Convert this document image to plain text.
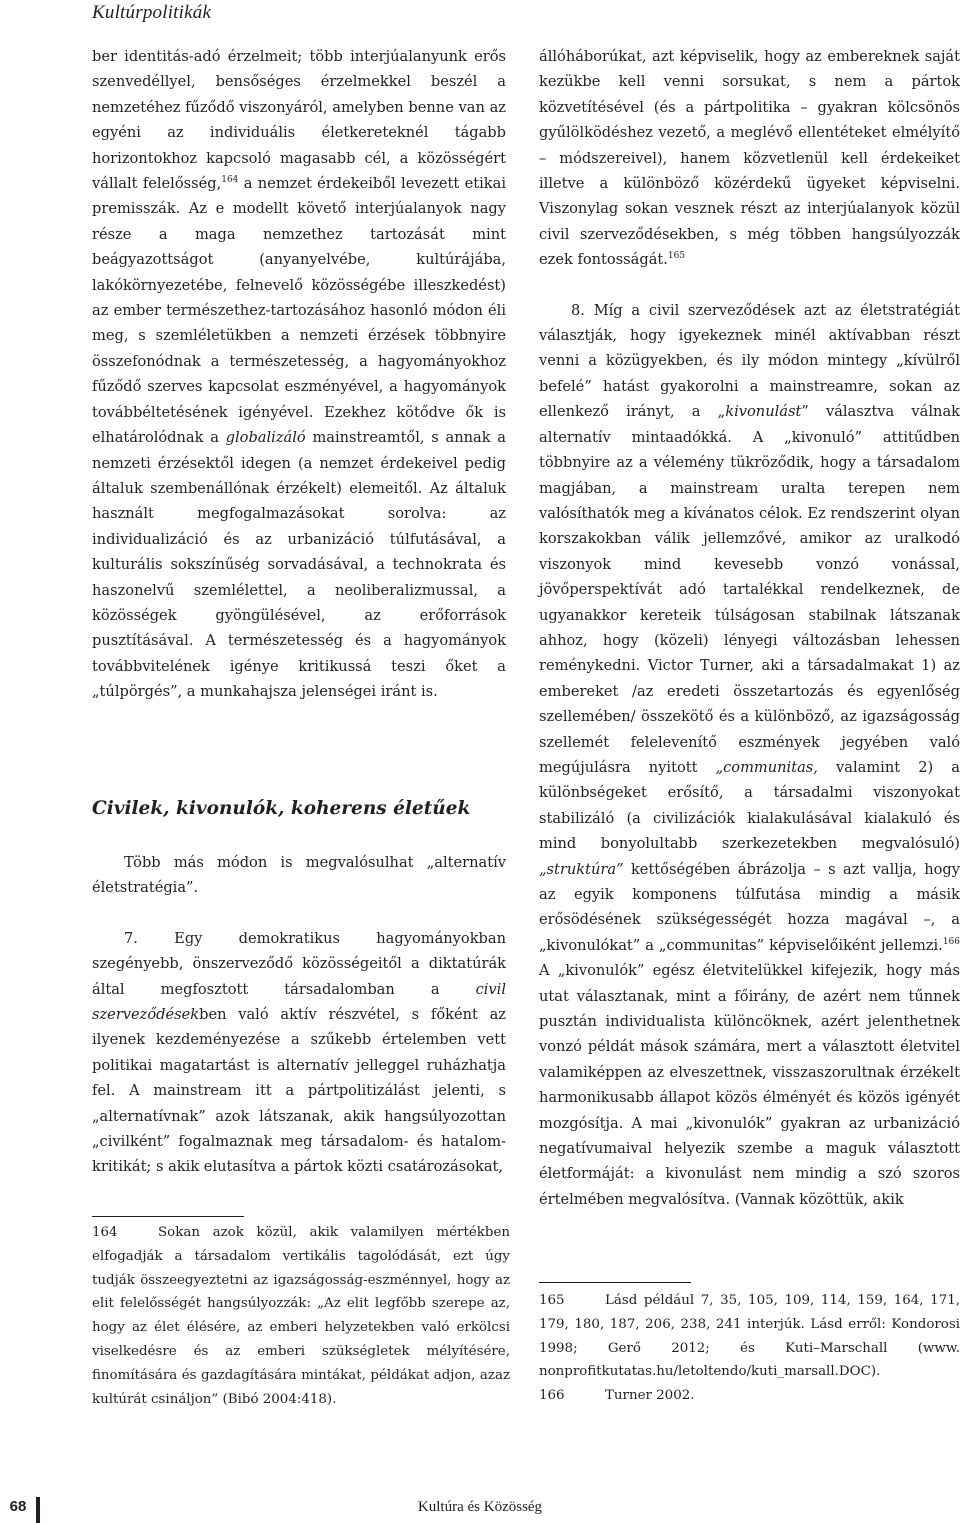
Kultúrpolitikák

ber identitás-adó érzelmeit; több interjúalanyunk erős szenvedéllyel, bensőséges érzelmekkel beszél a nemzetéhez fűződő viszonyáról, amelyben benne van az egyéni az individuális életkereteknél tágabb horizontokhoz kapcsoló magasabb cél, a közösségért vállalt felelősség,$^{164}$ a nemzet érdekeiből levezett etikai premisszák. Az e modellt követő interjúalanyok nagy része a maga nemzethez tartozását mint beágyazottságot (anyanyelvébe, kultúrájába, lakókörnyezetébe, felnevelő közösségébe illeszkedést) az ember természethez-tartozásához hasonló módon éli meg, s szemléletükben a nemzeti érzések többnyire összefonódnak a természetesség, a hagyományokhoz fűződő szerves kapcsolat eszményével, a hagyományok továbbéltetésének igényével. Ezekhez kötődve ők is elhatárolódnak a globalizáló mainstreamtől, s annak a nemzeti érzésektől idegen (a nemzet érdekeivel pedig általuk szembenállónak érzékelt) elemeitől. Az általuk használt megfogalmazásokat sorolva: az individualizáció és az urbanizáció túlfutásával, a kulturális sokszínűség sorvadásával, a technokrata és haszonelvű szemlélettel, a neoliberalizmussal, a közösségek gyöngülésével, az erőforrások pusztításával. A természetesség és a hagyományok továbbvitelének igénye kritikussá teszi őket a „túlpörgés”, a munkahajsza jelenségei iránt is.

Civilek, kivonulók, koherens életűek

Több más módon is megvalósulhat „alternatív életstratégia”.

7. Egy demokratikus hagyományokban szegényebb, önszerveződő közösségeitől a diktatúrák által megfosztott társadalomban a civil szerveződésekben való aktív részvétel, s főként az ilyenek kezdeményezése a szűkebb értelemben vett politikai magatartást is alternatív jelleggel ruházhatja fel. A mainstream itt a pártpolitizálást jelenti, s „alternatívnak” azok látszanak, akik hangsúlyozottan „civilként” fogalmaznak meg társadalom- és hatalom-kritikát; s akik elutasítva a pártok közti csatározásokat,

164	Sokan azok közül, akik valamilyen mértékben elfogadják a társadalom vertikális tagolódását, ezt úgy tudják összeegyeztetni az igazságosság-eszménnyel, hogy az elit felelősségét hangsúlyozzák: „Az elit legfőbb szerepe az, hogy az élet élésére, az emberi helyzetekben való erkölcsi viselkedésre és az emberi szükségletek mélyítésére, finomítására és gazdagítására mintákat, példákat adjon, azaz kultúrát csináljon” (Bibó 2004:418).

állóháborúkat, azt képviselik, hogy az embereknek saját kezükbe kell venni sorsukat, s nem a pártok közvetítésével (és a pártpolitika – gyakran kölcsönös gyűlölködéshez vezető, a meglévő ellentéteket elmélyítő – módszereivel), hanem közvetlenül kell érdekeiket illetve a különböző közérdekű ügyeket képviselni. Viszonylag sokan vesznek részt az interjúalanyok közül civil szerveződésekben, s még többen hangsúlyozzák ezek fontosságát.$^{165}$

8. Míg a civil szerveződések azt az életstratégiát választják, hogy igyekeznek minél aktívabban részt venni a közügyekben, és ily módon mintegy „kívülről befelé” hatást gyakorolni a mainstreamre, sokan az ellenkező irányt, a „kivonulást” választva válnak alternatív mintaadókká. A „kivonuló” attitűdben többnyire az a vélemény tükröződik, hogy a társadalom magjában, a mainstream uralta terepen nem valósíthatók meg a kívánatos célok. Ez rendszerint olyan korszakokban válik jellemzővé, amikor az uralkodó viszonyok mind kevesebb vonzó vonással, jövőperspektívát adó tartalékkal rendelkeznek, de ugyanakkor kereteik túlságosan stabilnak látszanak ahhoz, hogy (közeli) lényegi változásban lehessen reménykedni. Victor Turner, aki a társadalmakat 1) az embereket /az eredeti összetartozás és egyenlőség szellemében/ összekötő és a különböző, az igazságosság szellemét felelevenítő eszmények jegyében való megújulásra nyitott „communitas, valamint 2) a különbségeket erősítő, a társadalmi viszonyokat stabilizáló (a civilizációk kialakulásával kialakuló és mind bonyolultabb szerkezetekben megvalósuló) „struktúra” kettőségében ábrázolja – s azt vallja, hogy az egyik komponens túlfutása mindig a másik erősödésének szükségességét hozza magával –, a „kivonulókat” a „communitas” képviselőiként jellemzi.$^{166}$ A „kivonulók” egész életvitelükkel kifejezik, hogy más utat választanak, mint a főirány, de azért nem tűnnek pusztán individualista különcöknek, azért jelenthetnek vonzó példát mások számára, mert a választott életvitel valamiképpen az elveszettnek, visszaszorultnak érzékelt harmonikusabb állapot közös élményét és közös igényét mozgósítja. A mai „kivonulók” gyakran az urbanizáció negatívumaival helyezik szembe a maguk választott életformáját: a kivonulást nem mindig a szó szoros értelmében megvalósítva. (Vannak közöttük, akik

165	Lásd például 7, 35, 105, 109, 114, 159, 164, 171, 179, 180, 187, 206, 238, 241 interjúk. Lásd erről: Kondorosi 1998; Gerő 2012; és Kuti–Marschall (www. nonprofitkutatas.hu/letoltendo/kuti_marsall.DOC).

166	Turner 2002.

68	Kultúra és Közösség
